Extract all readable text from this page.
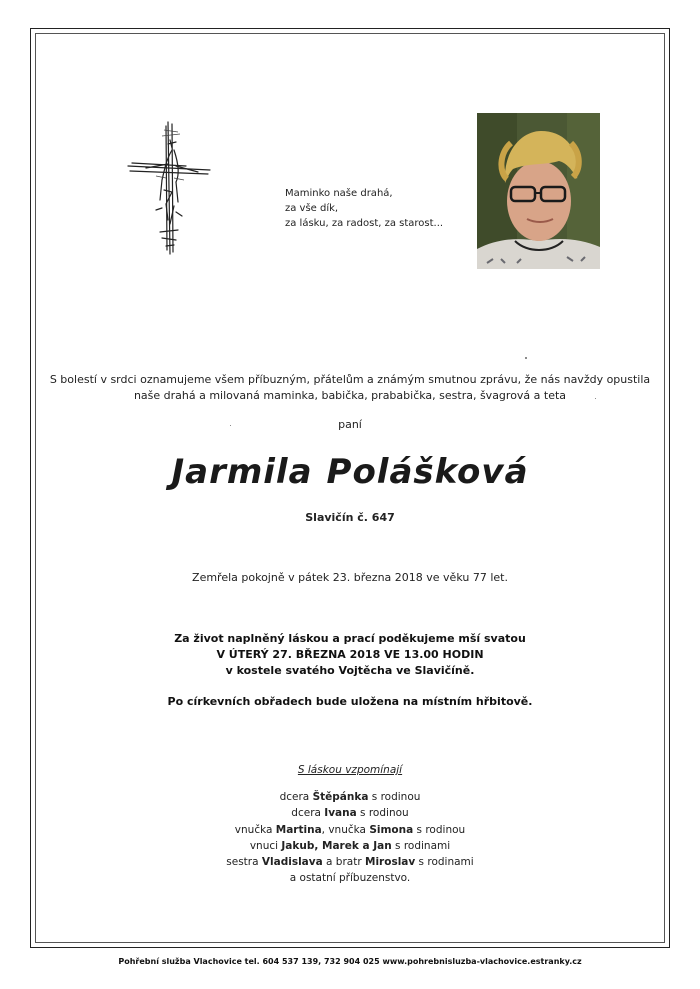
Maminko naše drahá,
za vše dík,
za lásku, za radost, za starost...
S bolestí v srdci oznamujeme všem příbuzným, přátelům a známým smutnou zprávu, že nás navždy opustila
naše drahá a milovaná maminka, babička, prababička, sestra, švagrová a teta
paní
Jarmila Polášková
Slavičín č. 647
Zemřela pokojně v pátek 23. března 2018 ve věku 77 let.
Za život naplněný láskou a prací poděkujeme mší svatou
V ÚTERÝ 27. BŘEZNA 2018 VE 13.00 HODIN
v kostele svatého Vojtěcha ve Slavičíně.
Po církevních obřadech bude uložena na místním hřbitově.
S láskou vzpomínají
dcera Štěpánka s rodinou
dcera Ivana s rodinou
vnučka Martina, vnučka Simona s rodinou
vnuci Jakub, Marek a Jan s rodinami
sestra Vladislava a bratr Miroslav s rodinami
a ostatní příbuzenstvo.
Pohřební služba Vlachovice tel. 604 537 139, 732 904 025 www.pohrebnisluzba-vlachovice.estranky.cz
